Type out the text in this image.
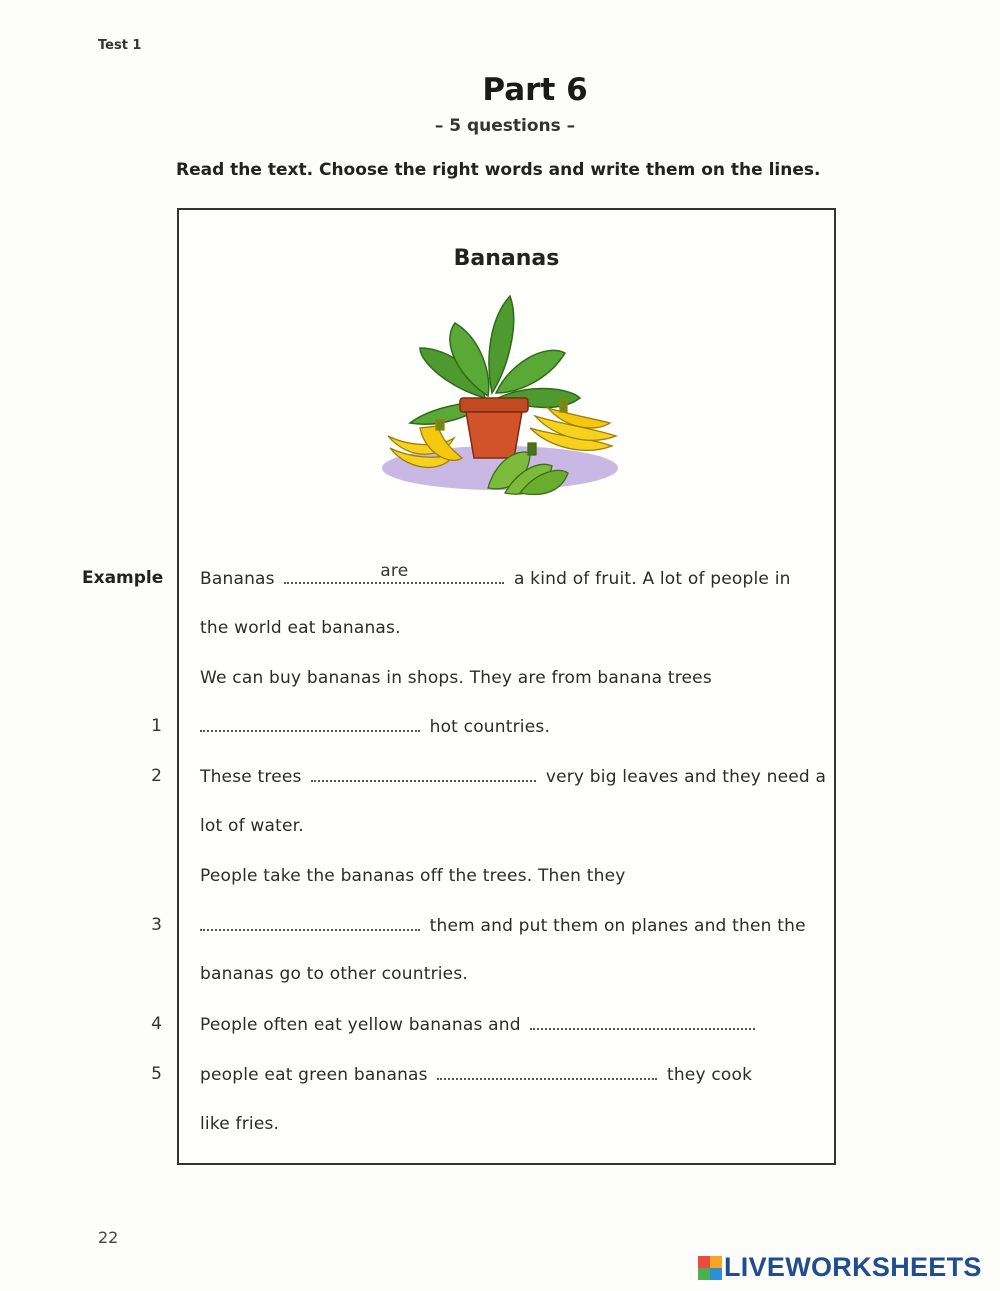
Test 1
Part 6
– 5 questions –
Read the text. Choose the right words and write them on the lines.
Bananas
Example Bananas	are	a kind of fruit. A lot of people in
the world eat bananas.
We can buy bananas in shops. They are from banana trees
1	hot countries.
2 These trees	very big leaves and they need a
lot of water.
People take the bananas off the trees. Then they
3	them and put them on planes and then the
bananas go to other countries.
4 People often eat yellow bananas and
5 people eat green bananas	they cook
like fries.
22
LIVEWORKSHEETS
